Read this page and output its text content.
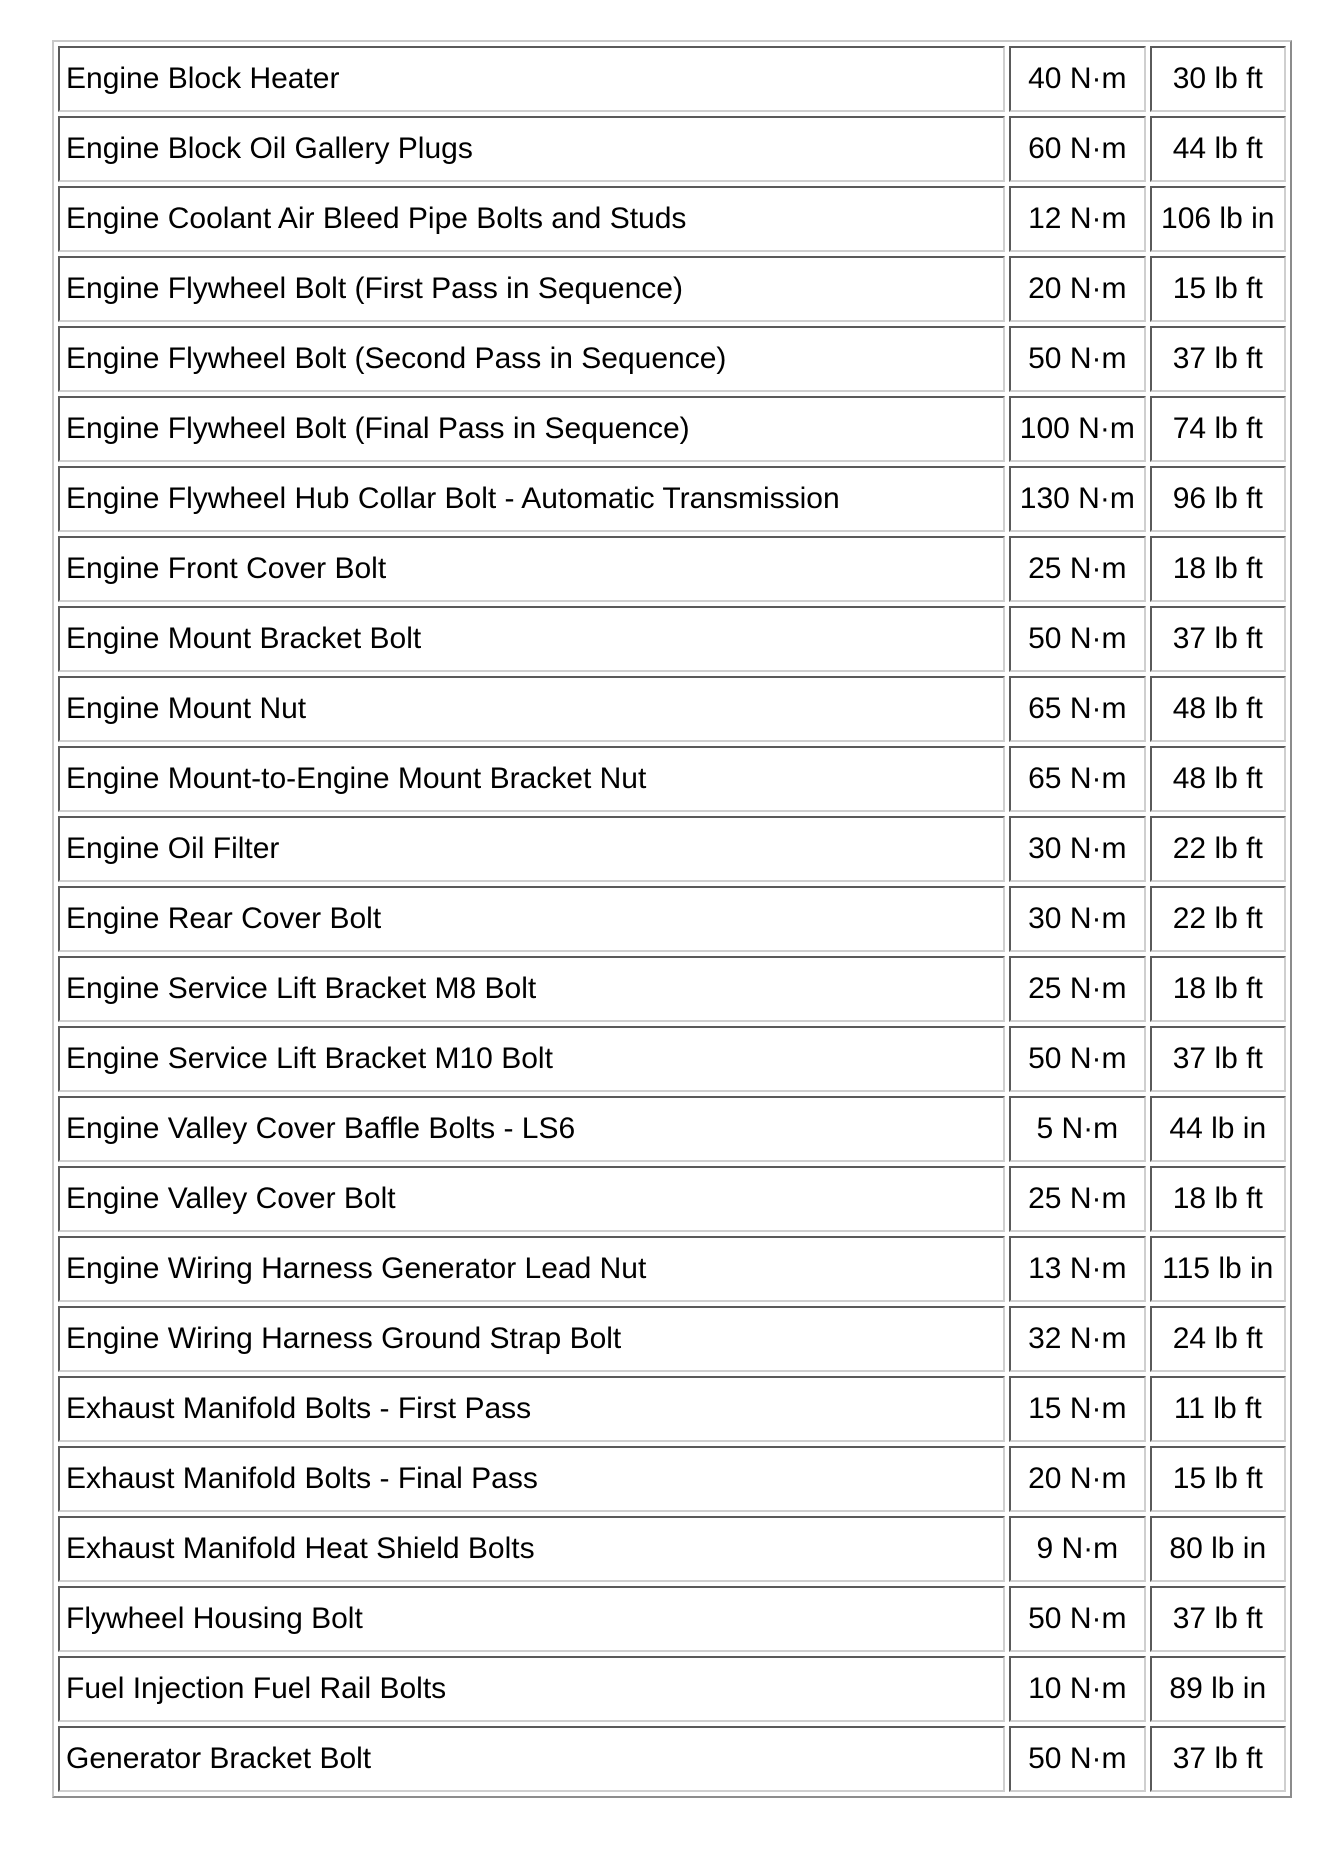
Engine Block Heater	40 N·m	30 lb ft
Engine Block Oil Gallery Plugs	60 N·m	44 lb ft
Engine Coolant Air Bleed Pipe Bolts and Studs	12 N·m	106 lb in
Engine Flywheel Bolt (First Pass in Sequence)	20 N·m	15 lb ft
Engine Flywheel Bolt (Second Pass in Sequence)	50 N·m	37 lb ft
Engine Flywheel Bolt (Final Pass in Sequence)	100 N·m	74 lb ft
Engine Flywheel Hub Collar Bolt - Automatic Transmission	130 N·m	96 lb ft
Engine Front Cover Bolt	25 N·m	18 lb ft
Engine Mount Bracket Bolt	50 N·m	37 lb ft
Engine Mount Nut	65 N·m	48 lb ft
Engine Mount-to-Engine Mount Bracket Nut	65 N·m	48 lb ft
Engine Oil Filter	30 N·m	22 lb ft
Engine Rear Cover Bolt	30 N·m	22 lb ft
Engine Service Lift Bracket M8 Bolt	25 N·m	18 lb ft
Engine Service Lift Bracket M10 Bolt	50 N·m	37 lb ft
Engine Valley Cover Baffle Bolts - LS6	5 N·m	44 lb in
Engine Valley Cover Bolt	25 N·m	18 lb ft
Engine Wiring Harness Generator Lead Nut	13 N·m	115 lb in
Engine Wiring Harness Ground Strap Bolt	32 N·m	24 lb ft
Exhaust Manifold Bolts - First Pass	15 N·m	11 lb ft
Exhaust Manifold Bolts - Final Pass	20 N·m	15 lb ft
Exhaust Manifold Heat Shield Bolts	9 N·m	80 lb in
Flywheel Housing Bolt	50 N·m	37 lb ft
Fuel Injection Fuel Rail Bolts	10 N·m	89 lb in
Generator Bracket Bolt	50 N·m	37 lb ft
